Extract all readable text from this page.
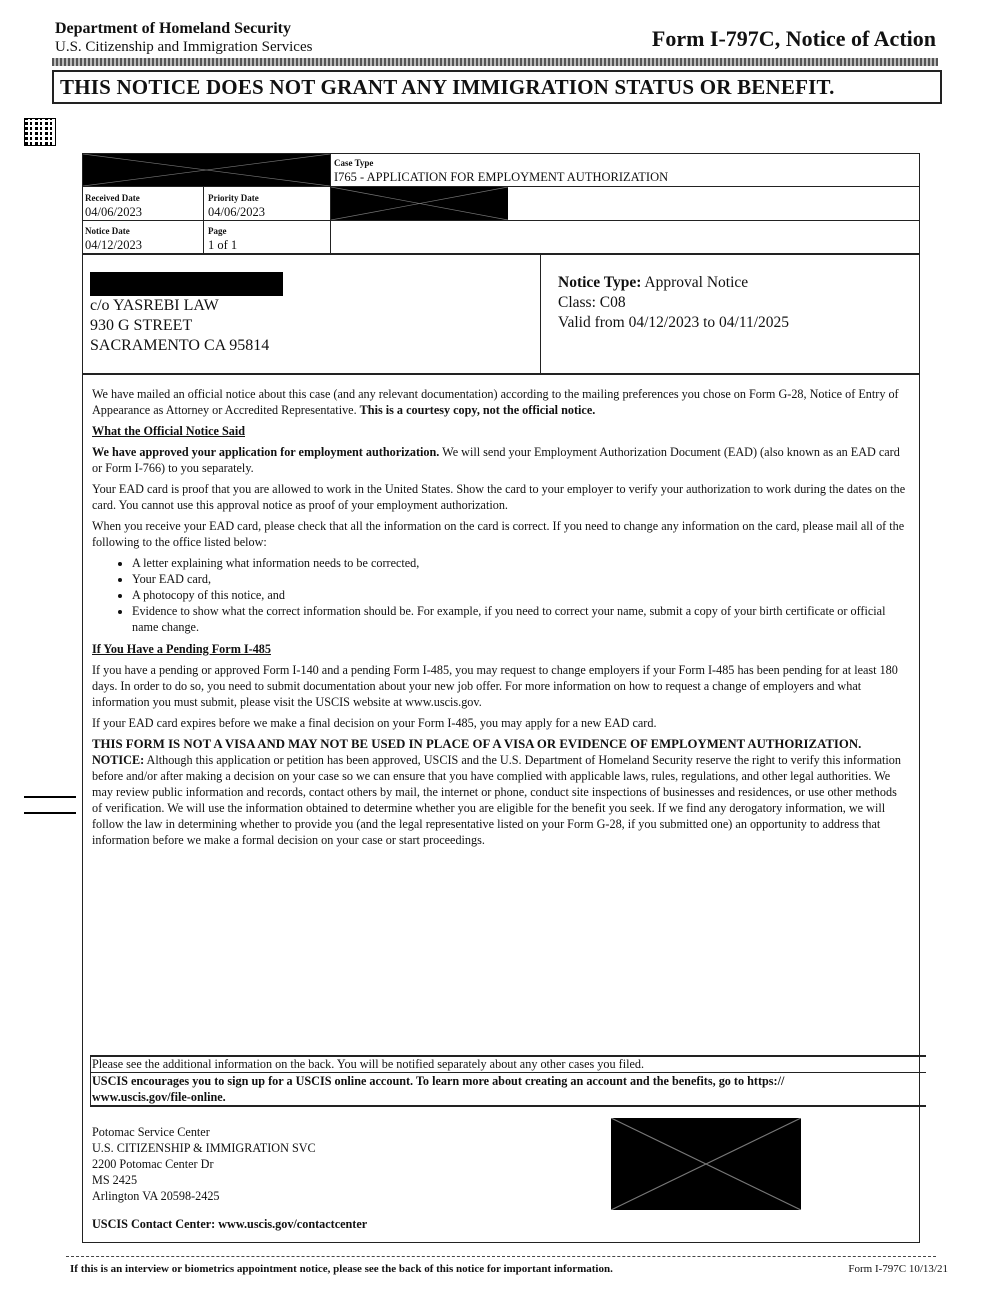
Department of Homeland Security
U.S. Citizenship and Immigration Services	Form I-797C, Notice of Action
THIS NOTICE DOES NOT GRANT ANY IMMIGRATION STATUS OR BENEFIT.
Case Type
I765 - APPLICATION FOR EMPLOYMENT AUTHORIZATION
Received Date
04/06/2023
Priority Date
04/06/2023
Notice Date
04/12/2023
Page
1 of 1
c/o YASREBI LAW
930 G STREET
SACRAMENTO CA 95814
Notice Type: Approval Notice
Class: C08
Valid from 04/12/2023 to 04/11/2025

We have mailed an official notice about this case (and any relevant documentation) according to the mailing preferences you chose on Form G-28, Notice of Entry of Appearance as Attorney or Accredited Representative. This is a courtesy copy, not the official notice.

What the Official Notice Said

We have approved your application for employment authorization. We will send your Employment Authorization Document (EAD) (also known as an EAD card or Form I-766) to you separately.

Your EAD card is proof that you are allowed to work in the United States. Show the card to your employer to verify your authorization to work during the dates on the card. You cannot use this approval notice as proof of your employment authorization.

When you receive your EAD card, please check that all the information on the card is correct. If you need to change any information on the card, please mail all of the following to the office listed below:

• A letter explaining what information needs to be corrected,
• Your EAD card,
• A photocopy of this notice, and
• Evidence to show what the correct information should be. For example, if you need to correct your name, submit a copy of your birth certificate or official name change.

If You Have a Pending Form I-485

If you have a pending or approved Form I-140 and a pending Form I-485, you may request to change employers if your Form I-485 has been pending for at least 180 days. In order to do so, you need to submit documentation about your new job offer. For more information on how to request a change of employers and what information you must submit, please visit the USCIS website at www.uscis.gov.

If your EAD card expires before we make a final decision on your Form I-485, you may apply for a new EAD card.

THIS FORM IS NOT A VISA AND MAY NOT BE USED IN PLACE OF A VISA OR EVIDENCE OF EMPLOYMENT AUTHORIZATION.

NOTICE: Although this application or petition has been approved, USCIS and the U.S. Department of Homeland Security reserve the right to verify this information before and/or after making a decision on your case so we can ensure that you have complied with applicable laws, rules, regulations, and other legal authorities. We may review public information and records, contact others by mail, the internet or phone, conduct site inspections of businesses and residences, or use other methods of verification. We will use the information obtained to determine whether you are eligible for the benefit you seek. If we find any derogatory information, we will follow the law in determining whether to provide you (and the legal representative listed on your Form G-28, if you submitted one) an opportunity to address that information before we make a formal decision on your case or start proceedings.

Please see the additional information on the back. You will be notified separately about any other cases you filed.
USCIS encourages you to sign up for a USCIS online account. To learn more about creating an account and the benefits, go to https://
www.uscis.gov/file-online.
Potomac Service Center
U.S. CITIZENSHIP & IMMIGRATION SVC
2200 Potomac Center Dr
MS 2425
Arlington VA 20598-2425
USCIS Contact Center: www.uscis.gov/contactcenter
If this is an interview or biometrics appointment notice, please see the back of this notice for important information.	Form I-797C 10/13/21
